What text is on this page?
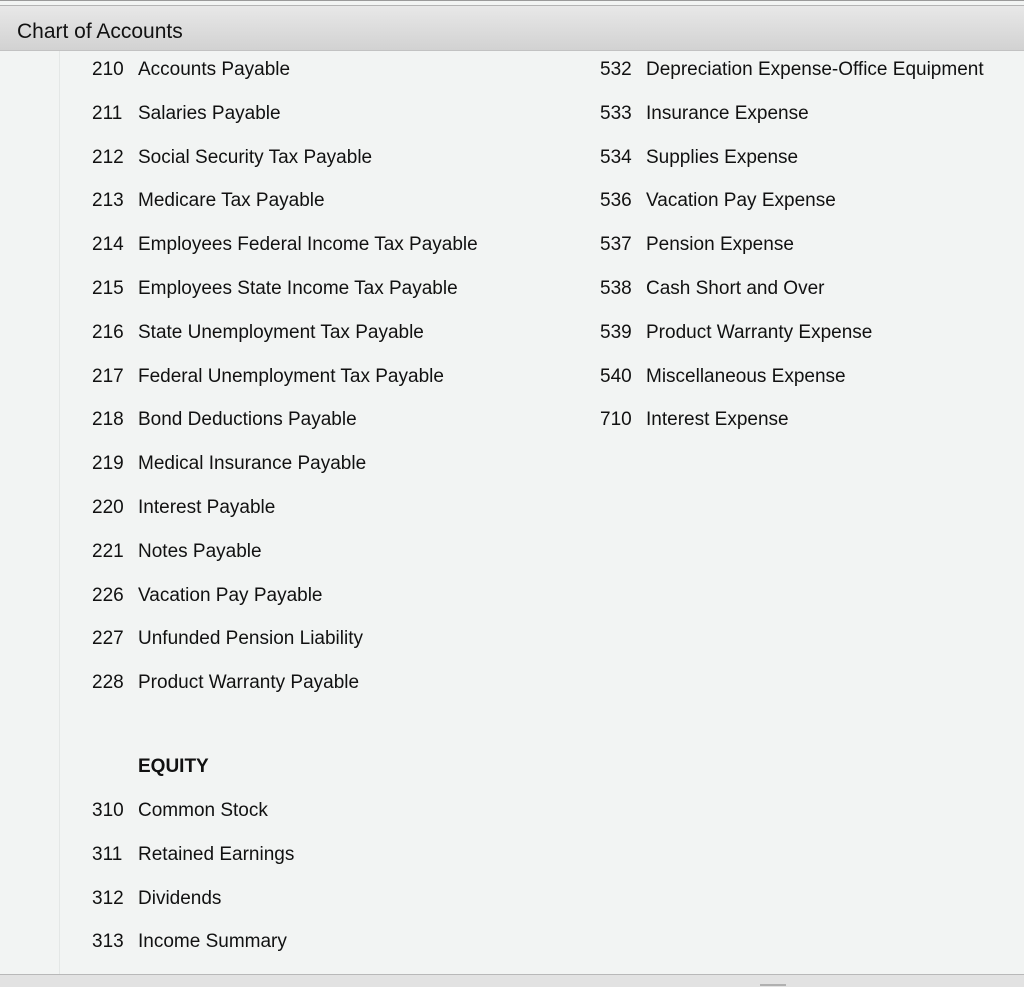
Chart of Accounts
210 Accounts Payable
211 Salaries Payable
212 Social Security Tax Payable
213 Medicare Tax Payable
214 Employees Federal Income Tax Payable
215 Employees State Income Tax Payable
216 State Unemployment Tax Payable
217 Federal Unemployment Tax Payable
218 Bond Deductions Payable
219 Medical Insurance Payable
220 Interest Payable
221 Notes Payable
226 Vacation Pay Payable
227 Unfunded Pension Liability
228 Product Warranty Payable
EQUITY
310 Common Stock
311 Retained Earnings
312 Dividends
313 Income Summary
532 Depreciation Expense-Office Equipment
533 Insurance Expense
534 Supplies Expense
536 Vacation Pay Expense
537 Pension Expense
538 Cash Short and Over
539 Product Warranty Expense
540 Miscellaneous Expense
710 Interest Expense
